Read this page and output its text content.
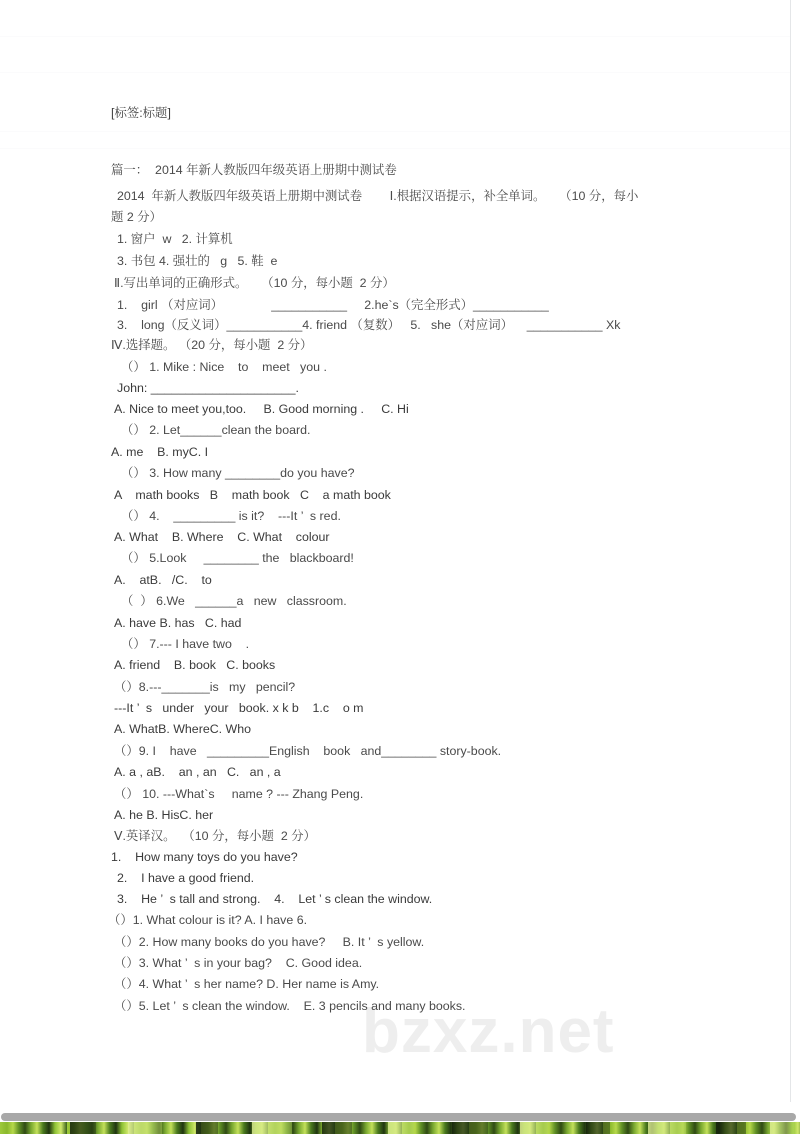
bzxz.net
[标签:标题]
篇一：  2014 年新人教版四年级英语上册期中测试卷
2014  年新人教版四年级英语上册期中测试卷        Ⅰ.根据汉语提示，补全单词。    （10 分，每小
题 2 分）
1. 窗户  w   2. 计算机
3. 书包 4. 强壮的   g   5. 鞋  e
Ⅱ.写出单词的正确形式。    （10 分，每小题  2 分）
1.    girl （对应词）              ___________     2.he`s（完全形式）___________
3.    long（反义词）___________4. friend （复数）   5.   she（对应词）    ___________ Xk
Ⅳ.选择题。 （20 分，每小题  2 分）
（） 1. Mike : Nice    to    meet   you .
John: _____________________.
A. Nice to meet you,too.     B. Good morning .     C. Hi
（） 2. Let______clean the board.
A. me    B. myC. I
（） 3. How many ________do you have?
A    math books   B    math book   C    a math book
（） 4.    _________ is it?    ---It ’  s red.
A. What    B. Where    C. What    colour
（） 5.Look     ________ the   blackboard!
A.    atB.   /C.    to
（  ） 6.We   ______a   new   classroom.
A. have B. has   C. had
（） 7.--- I have two    .
A. friend    B. book   C. books
（）8.---_______is   my   pencil?
---It ’  s   under   your   book. x k b    1.c    o m
A. WhatB. WhereC. Who
（）9. I    have   _________English    book   and________ story-book.
A. a , aB.    an , an   C.   an , a
（） 10. ---What`s     name ? --- Zhang Peng.
A. he B. HisC. her
Ⅴ.英译汉。  （10 分，每小题  2 分）
1.    How many toys do you have?
2.    I have a good friend.
3.    He ’  s tall and strong.    4.    Let ’ s clean the window.
（）1. What colour is it? A. I have 6.
（）2. How many books do you have?     B. It ’  s yellow.
（）3. What ’  s in your bag?    C. Good idea.
（）4. What ’  s her name? D. Her name is Amy.
（）5. Let ’  s clean the window.    E. 3 pencils and many books.
